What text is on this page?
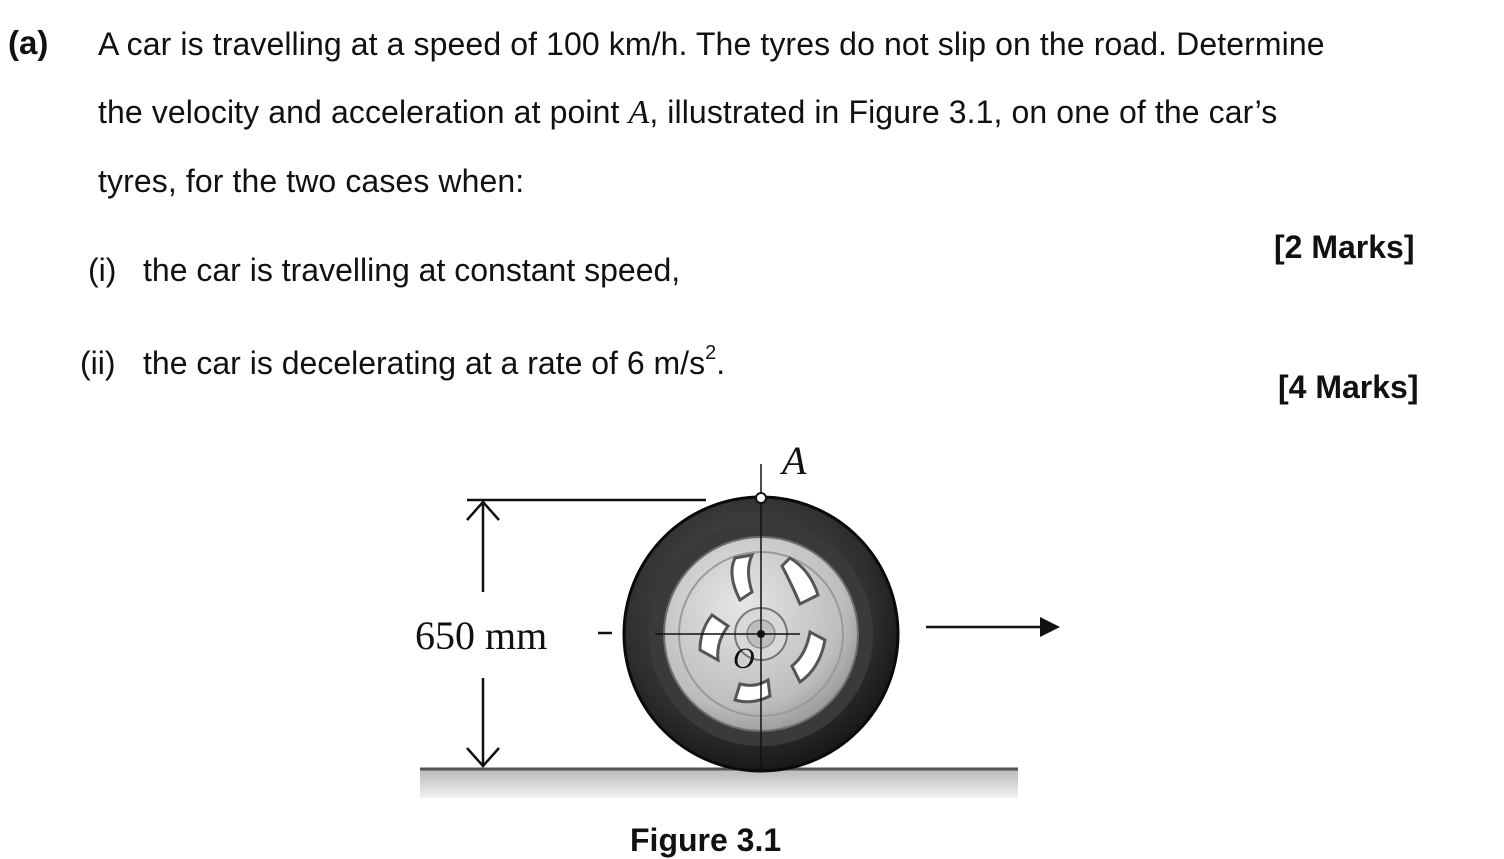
(a) A car is travelling at a speed of 100 km/h. The tyres do not slip on the road. Determine
the velocity and acceleration at point A, illustrated in Figure 3.1, on one of the car’s
tyres, for the two cases when:
(i) the car is travelling at constant speed,
[2 Marks]
(ii) the car is decelerating at a rate of 6 $m/s^2$.
[4 Marks]
650 mm
A
O
Figure 3.1
